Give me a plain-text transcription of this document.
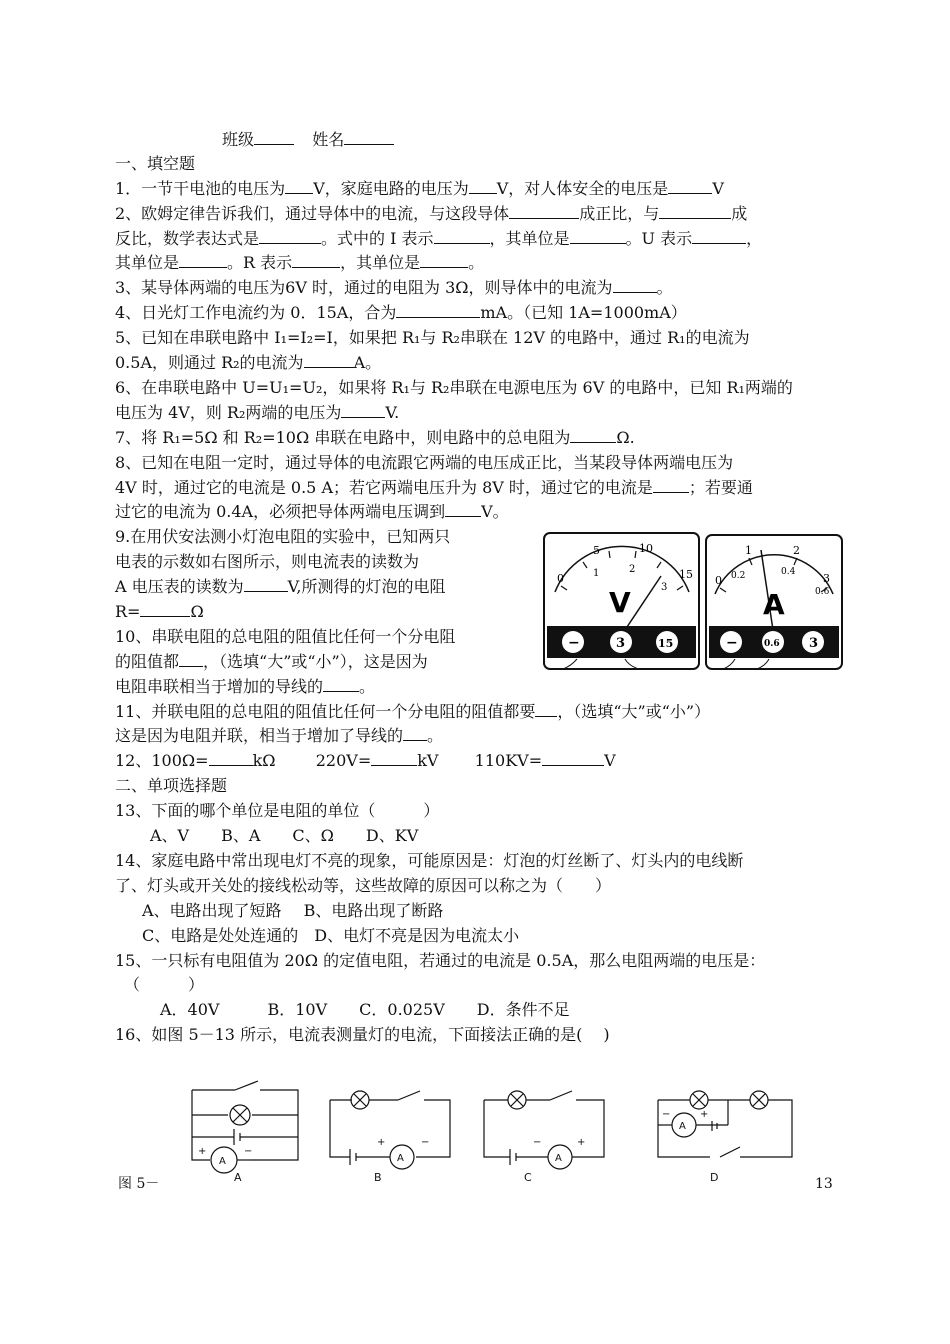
班级	姓名
一、填空题
1．一节干电池的电压为 V，家庭电路的电压为 V，对人体安全的电压是	V
2、欧姆定律告诉我们，通过导体中的电流，与这段导体	成正比，与	成
反比，数学表达式是	。式中的 I 表示	，其单位是	。U 表示	，
其单位是	。R 表示	，其单位是	。
3、某导体两端的电压为6V 时，通过的电阻为 3Ω，则导体中的电流为	。
4、日光灯工作电流约为 0．15A，合为	mA。（已知 1A=1000mA）
5、已知在串联电路中 I₁=I₂=I，如果把 R₁与 R₂串联在 12V 的电路中，通过 R₁的电流为
0.5A，则通过 R₂的电流为	A。
6、在串联电路中 U=U₁=U₂，如果将 R₁与 R₂串联在电源电压为 6V 的电路中，已知 R₁两端的
电压为 4V，则 R₂两端的电压为	V.
7、将 R₁=5Ω 和 R₂=10Ω 串联在电路中，则电路中的总电阻为	Ω.
8、已知在电阻一定时，通过导体的电流跟它两端的电压成正比，当某段导体两端电压为
4V 时，通过它的电流是 0.5 A；若它两端电压升为 8V 时，通过它的电流是 ；若要通
过它的电流为 0.4A，必须把导体两端电压调到 V。
9.在用伏安法测小灯泡电阻的实验中，已知两只
电表的示数如右图所示，则电流表的读数为
A 电压表的读数为	V,所测得的灯泡的电阻
R=	Ω
10、串联电阻的总电阻的阻值比任何一个分电阻
的阻值都 ，（选填“大”或“小”），这是因为
电阻串联相当于增加的导线的 。
11、并联电阻的总电阻的阻值比任何一个分电阻的阻值都要 ，（选填“大”或“小”）
这是因为电阻并联，相当于增加了导线的 。
12、100Ω=	kΩ	220V=	kV 110KV=	V
二、单项选择题
13、下面的哪个单位是电阻的单位（　　　）
A、V　　B、A　　C、Ω　　D、KV
14、家庭电路中常出现电灯不亮的现象，可能原因是：灯泡的灯丝断了、灯头内的电线断
了、灯头或开关处的接线松动等，这些故障的原因可以称之为（　　）
A、电路出现了短路 B、电路出现了断路
C、电路是处处连通的 D、电灯不亮是因为电流太小
15、一只标有电阻值为 20Ω 的定值电阻，若通过的电流是 0.5A，那么电阻两端的电压是：
（　　　）
A．40V　　　B．10V　　C．0.025V　　D．条件不足
16、如图 5－13 所示，电流表测量灯的电流，下面接法正确的是(　 )
0
5	10
15
1	2
3
V
−	3	15
0
1	2
3
0.2	0.4
0.6
A
−	0.6 3
A
+	−
A
+	−
A
−	+
A
−	+
A	B	C	D
图 5－	13
